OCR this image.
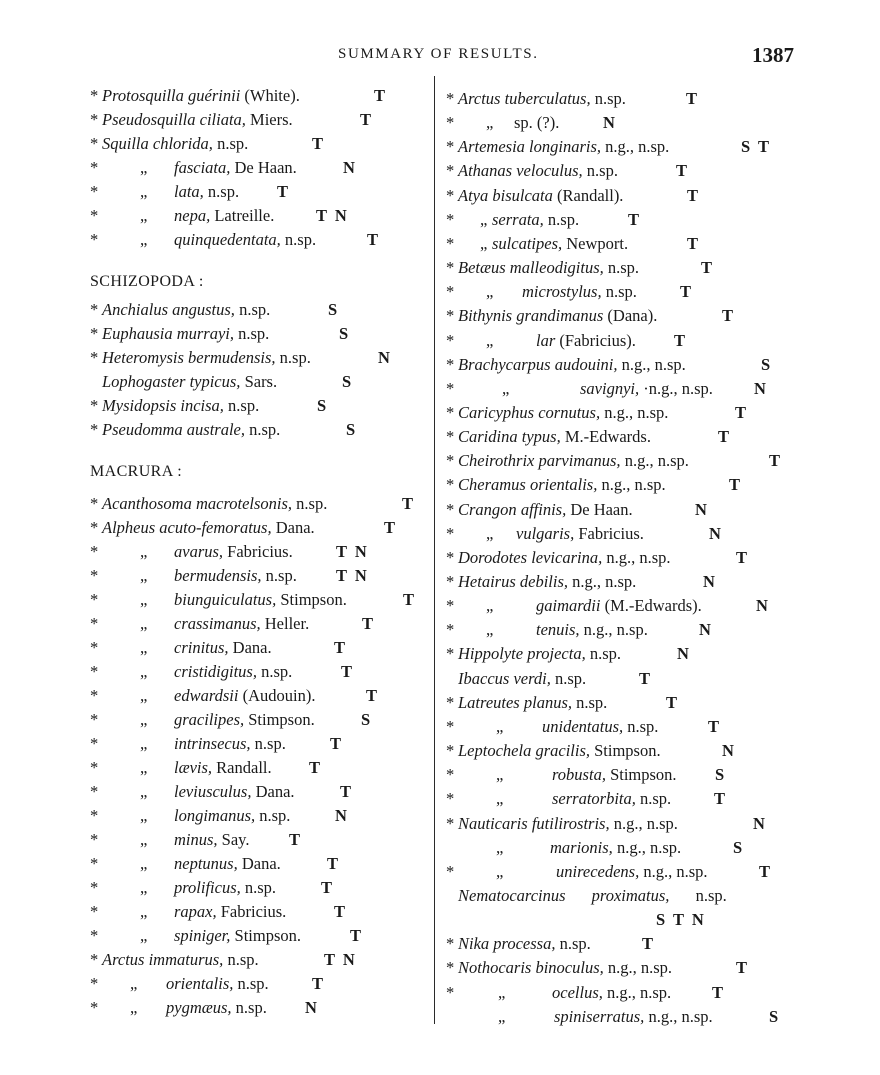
SUMMARY OF RESULTS.	1387
* Protosquilla guérinii (White).	T
* Pseudosquilla ciliata, Miers.	T
* Squilla chlorida, n.sp.	T
*	„ fasciata, De Haan.	N
*	„ lata, n.sp. T
*	„ nepa, Latreille.	T N
*	„ quinquedentata, n.sp.	T
SCHIZOPODA :
* Anchialus angustus, n.sp.	S
* Euphausia murrayi, n.sp.	S
* Heteromysis bermudensis, n.sp.	N
Lophogaster typicus, Sars.	S
* Mysidopsis incisa, n.sp.	S
* Pseudomma australe, n.sp.	S
MACRURA :
* Acanthosoma macrotelsonis, n.sp.	T
* Alpheus acuto-femoratus, Dana.	T
*	„ avarus, Fabricius.	T N
*	„ bermudensis, n.sp. T N
*	„ biunguiculatus, Stimpson.	T
*	„ crassimanus, Heller.	T
*	„ crinitus, Dana.	T
*	„ cristidigitus, n.sp.	T
*	„ edwardsii (Audouin).	T
*	„ gracilipes, Stimpson.	S
*	„ intrinsecus, n.sp.	T
*	„ lævis, Randall. T
*	„ leviusculus, Dana.	T
*	„ longimanus, n.sp.	N
*	„ minus, Say. T
*	„ neptunus, Dana.	T
*	„ prolificus, n.sp.	T
*	„ rapax, Fabricius.	T
*	„ spiniger, Stimpson.	T
* Arctus immaturus, n.sp.	T N
* „ orientalis, n.sp.	T
* „ pygmæus, n.sp. N
* Arctus tuberculatus, n.sp.	T
* „ sp. (?).	N
* Artemesia longinaris, n.g., n.sp.	S T
* Athanas veloculus, n.sp.	T
* Atya bisulcata (Randall).	T
* „ serrata, n.sp.	T
* „ sulcatipes, Newport.	T
* Betæus malleodigitus, n.sp.	T
* „ microstylus, n.sp.	T
* Bithynis grandimanus (Dana).	T
* „	lar (Fabricius). T
* Brachycarpus audouini, n.g., n.sp.	S
*	„	savignyi, ·n.g., n.sp. N
* Caricyphus cornutus, n.g., n.sp.	T
* Caridina typus, M.-Edwards.	T
* Cheirothrix parvimanus, n.g., n.sp.	T
* Cheramus orientalis, n.g., n.sp.	T
* Crangon affinis, De Haan.	N
* „ vulgaris, Fabricius.	N
* Dorodotes levicarina, n.g., n.sp.	T
* Hetairus debilis, n.g., n.sp.	N
* „	gaimardii (M.-Edwards).	N
* „	tenuis, n.g., n.sp.	N
* Hippolyte projecta, n.sp.	N
Ibaccus verdi, n.sp.	T
* Latreutes planus, n.sp.	T
*	„ unidentatus, n.sp.	T
* Leptochela gracilis, Stimpson.	N
*	„	robusta, Stimpson. S
*	„	serratorbita, n.sp.	T
* Nauticaris futilirostris, n.g., n.sp.	N
„	marionis, n.g., n.sp.	S
*	„	unirecedens, n.g., n.sp.	T
Nematocarcinus proximatus, n.sp.
S T N
* Nika processa, n.sp.	T
* Nothocaris binoculus, n.g., n.sp.	T
*	„	ocellus, n.g., n.sp. T
„	spiniserratus, n.g., n.sp.	S
